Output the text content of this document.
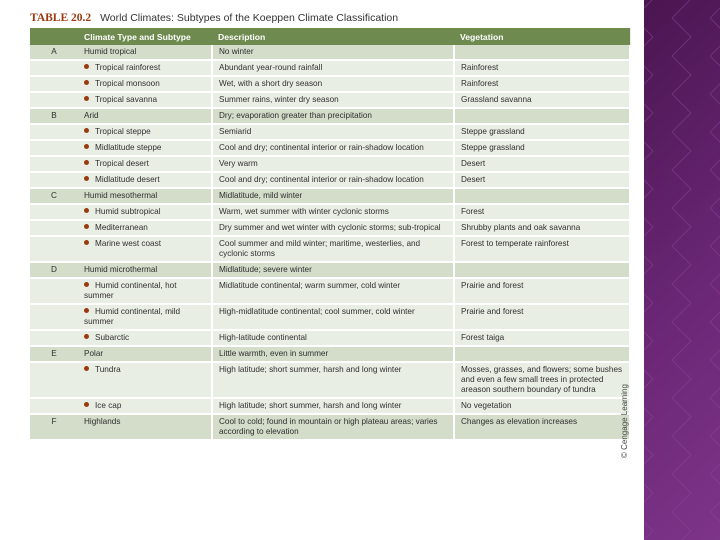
TABLE 20.2 World Climates: Subtypes of the Koeppen Climate Classification
	Climate Type and Subtype	Description	Vegetation
A	Humid tropical	No winter	
	Tropical rainforest	Abundant year-round rainfall	Rainforest
	Tropical monsoon	Wet, with a short dry season	Rainforest
	Tropical savanna	Summer rains, winter dry season	Grassland savanna
B	Arid	Dry; evaporation greater than precipitation	
	Tropical steppe	Semiarid	Steppe grassland
	Midlatitude steppe	Cool and dry; continental interior or rain-shadow location	Steppe grassland
	Tropical desert	Very warm	Desert
	Midlatitude desert	Cool and dry; continental interior or rain-shadow location	Desert
C	Humid mesothermal	Midlatitude, mild winter	
	Humid subtropical	Warm, wet summer with winter cyclonic storms	Forest
	Mediterranean	Dry summer and wet winter with cyclonic storms; sub-tropical	Shrubby plants and oak savanna
	Marine west coast	Cool summer and mild winter; maritime, westerlies, and cyclonic storms	Forest to temperate rainforest
D	Humid microthermal	Midlatitude; severe winter	
	Humid continental, hot summer	Midlatitude continental; warm summer, cold winter	Prairie and forest
	Humid continental, mild summer	High-midlatitude continental; cool summer, cold winter	Prairie and forest
	Subarctic	High-latitude continental	Forest taiga
E	Polar	Little warmth, even in summer	
	Tundra	High latitude; short summer, harsh and long winter	Mosses, grasses, and flowers; some bushes and even a few small trees in protected areason southern boundary of tundra
	Ice cap	High latitude; short summer, harsh and long winter	No vegetation
F	Highlands	Cool to cold; found in mountain or high plateau areas; varies according to elevation	Changes as elevation increases	© Cengage Learning
